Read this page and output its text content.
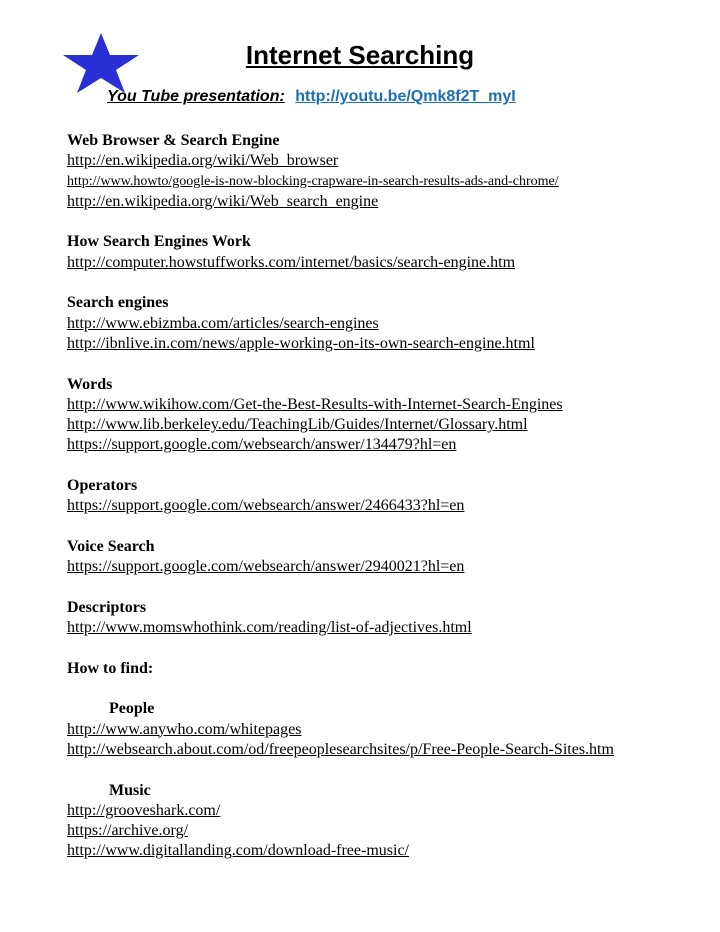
Internet Searching
You Tube presentation: http://youtu.be/Qmk8f2T_myI
Web Browser & Search Engine
http://en.wikipedia.org/wiki/Web_browser
http://www.howto/google-is-now-blocking-crapware-in-search-results-ads-and-chrome/
http://en.wikipedia.org/wiki/Web_search_engine
How Search Engines Work
http://computer.howstuffworks.com/internet/basics/search-engine.htm
Search engines
http://www.ebizmba.com/articles/search-engines
http://ibnlive.in.com/news/apple-working-on-its-own-search-engine.html
Words
http://www.wikihow.com/Get-the-Best-Results-with-Internet-Search-Engines
http://www.lib.berkeley.edu/TeachingLib/Guides/Internet/Glossary.html
https://support.google.com/websearch/answer/134479?hl=en
Operators
https://support.google.com/websearch/answer/2466433?hl=en
Voice Search
https://support.google.com/websearch/answer/2940021?hl=en
Descriptors
http://www.momswhothink.com/reading/list-of-adjectives.html
How to find:
People
http://www.anywho.com/whitepages
http://websearch.about.com/od/freepeoplesearchsites/p/Free-People-Search-Sites.htm
Music
http://grooveshark.com/
https://archive.org/
http://www.digitallanding.com/download-free-music/
